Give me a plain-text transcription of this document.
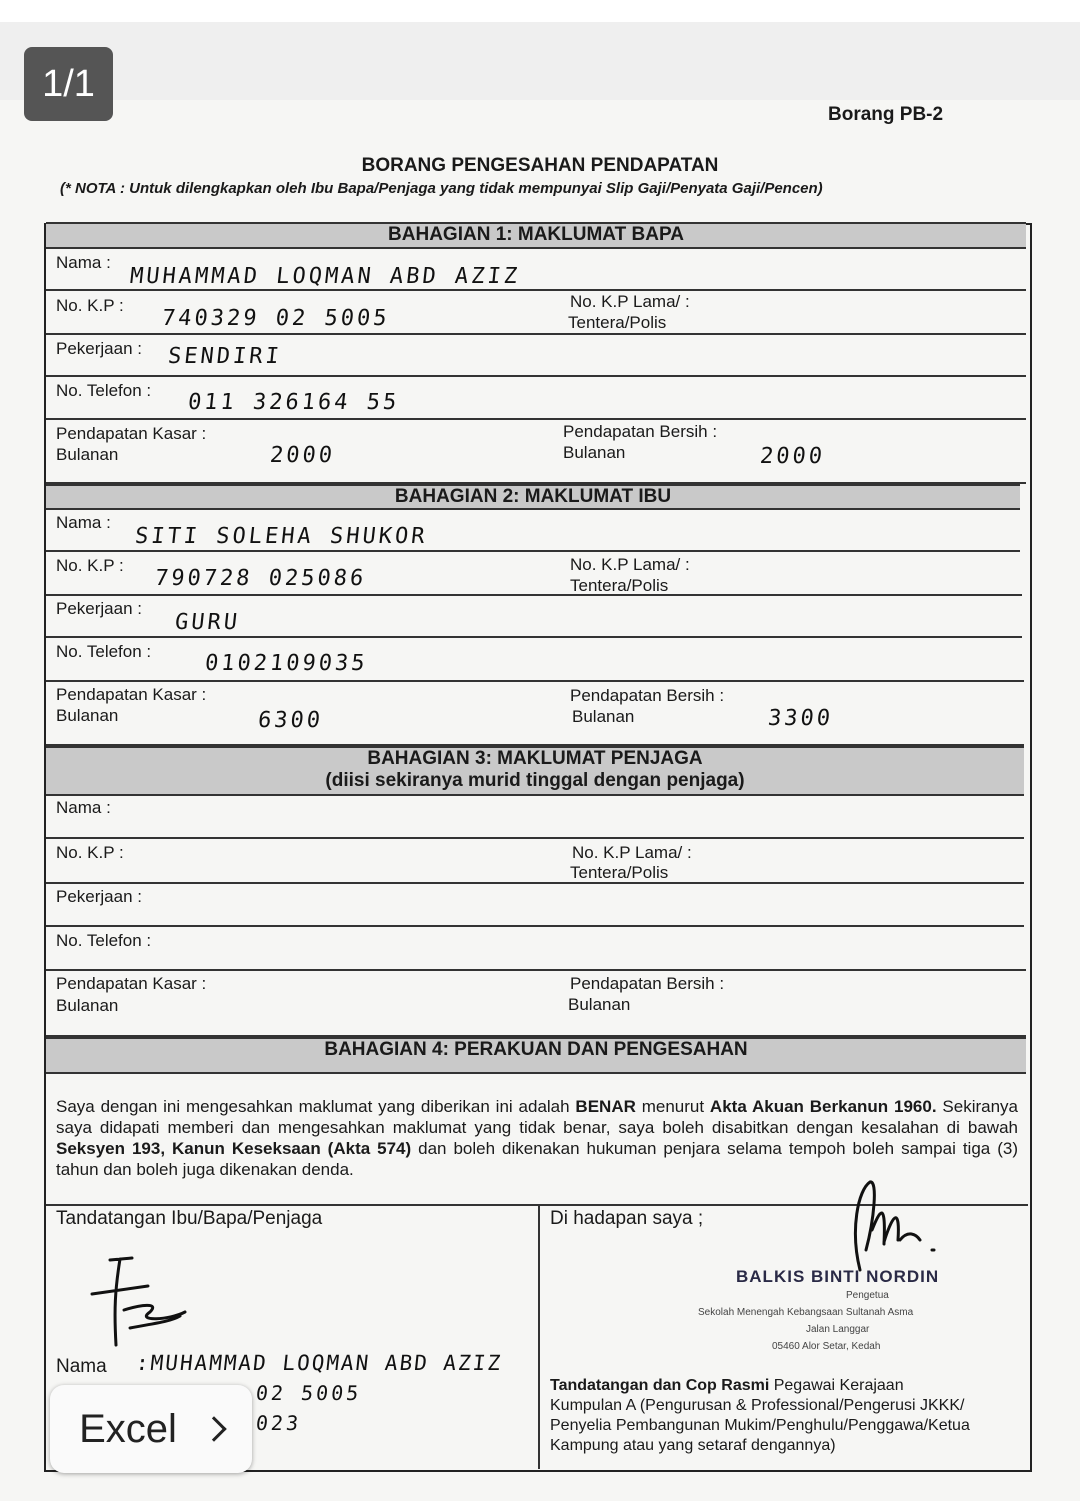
1/1
Borang PB-2
BORANG PENGESAHAN PENDAPATAN
(* NOTA : Untuk dilengkapkan oleh Ibu Bapa/Penjaga yang tidak mempunyai Slip Gaji/Penyata Gaji/Pencen)
BAHAGIAN 1: MAKLUMAT BAPA
Nama :
MUHAMMAD LOQMAN ABD AZIZ
No. K.P :
740329 02 5005
No. K.P Lama/ :
Tentera/Polis
Pekerjaan : SENDIRI
No. Telefon : 011 326164 55
Pendapatan Kasar :
Bulanan	2000
Pendapatan Bersih :
Bulanan	2000
BAHAGIAN 2: MAKLUMAT IBU
Nama :
SITI SOLEHA SHUKOR
No. K.P :
790728 025086
No. K.P Lama/ :
Tentera/Polis
Pekerjaan :
GURU
No. Telefon : 0102109035
Pendapatan Kasar :
Bulanan	6300
Pendapatan Bersih :
Bulanan	3300
BAHAGIAN 3: MAKLUMAT PENJAGA
(diisi sekiranya murid tinggal dengan penjaga)
Nama :
No. K.P :	No. K.P Lama/ :
Tentera/Polis
Pekerjaan :
No. Telefon :
Pendapatan Kasar :
Bulanan
Pendapatan Bersih :
Bulanan
BAHAGIAN 4: PERAKUAN DAN PENGESAHAN
Saya dengan ini mengesahkan maklumat yang diberikan ini adalah BENAR menurut Akta Akuan Berkanun 1960. Sekiranya saya didapati memberi dan mengesahkan maklumat yang tidak benar, saya boleh disabitkan dengan kesalahan di bawah Seksyen 193, Kanun Keseksaan (Akta 574) dan boleh dikenakan hukuman penjara selama tempoh boleh sampai tiga (3) tahun dan boleh juga dikenakan denda.
Tandatangan Ibu/Bapa/Penjaga	Di hadapan saya ;
BALKIS BINTI NORDIN
Pengetua
Sekolah Menengah Kebangsaan Sultanah Asma
Jalan Langgar
05460 Alor Setar, Kedah
Nama :MUHAMMAD LOQMAN ABD AZIZ
02 5005
023
Tandatangan dan Cop Rasmi Pegawai Kerajaan
Kumpulan A (Pengurusan & Professional/Pengerusi JKKK/
Penyelia Pembangunan Mukim/Penghulu/Penggawa/Ketua
Kampung atau yang setaraf dengannya)
Excel
